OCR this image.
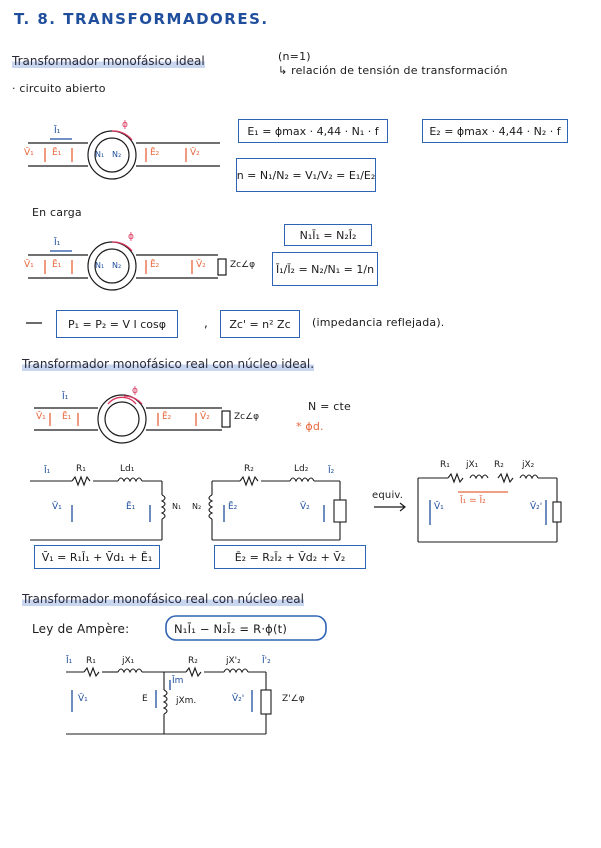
T. 8. TRANSFORMADORES.
Transformador monofásico ideal	(n=1)
↳ relación de tensión de transformación
· circuito abierto
Ī₁
ϕ
V̄₁ Ē₁	N₁ N₂	Ē₂	V̄₂
E₁ = ϕmax · 4,44 · N₁ · f	E₂ = ϕmax · 4,44 · N₂ · f
n = N₁/N₂ = V₁/V₂ = E₁/E₂
En carga
N₁Ī₁ = N₂Ī₂
Ī₁/Ī₂ = N₂/N₁ = 1/n
Ī₁
ϕ
V̄₁ Ē₁	N₁ N₂	Ē₂	V̄₂	Zc∠φ
P₁ = P₂ = V I cosφ	,	Zc' = n² Zc	(impedancia reflejada).
Transformador monofásico real con núcleo ideal.
Ī₁
ϕ
V̄₁ Ē₁	Ē₂	V̄₂	Zc∠φ
N = cte
* ϕd.
Ī₁	R₁	Ld₁
V̄₁	Ē₁	N₁ N₂	Ē₂
R₂	Ld₂ Ī₂
V̄₂
equiv.
R₁ jX₁ R₂ jX₂
Ī₁ = Ī₂
V̄₁	V̄₂'
V̄₁ = R₁Ī₁ + V̄d₁ + Ē₁	Ē₂ = R₂Ī₂ + V̄d₂ + V̄₂
Transformador monofásico real con núcleo real
Ley de Ampère:	N₁Ī₁ − N₂Ī₂ = R·ϕ(t)
Ī₁ R₁	jX₁	R₂	jX'₂ Ī'₂
Īm
V̄₁	E	jXm.	V̄₂'	Z'∠φ
